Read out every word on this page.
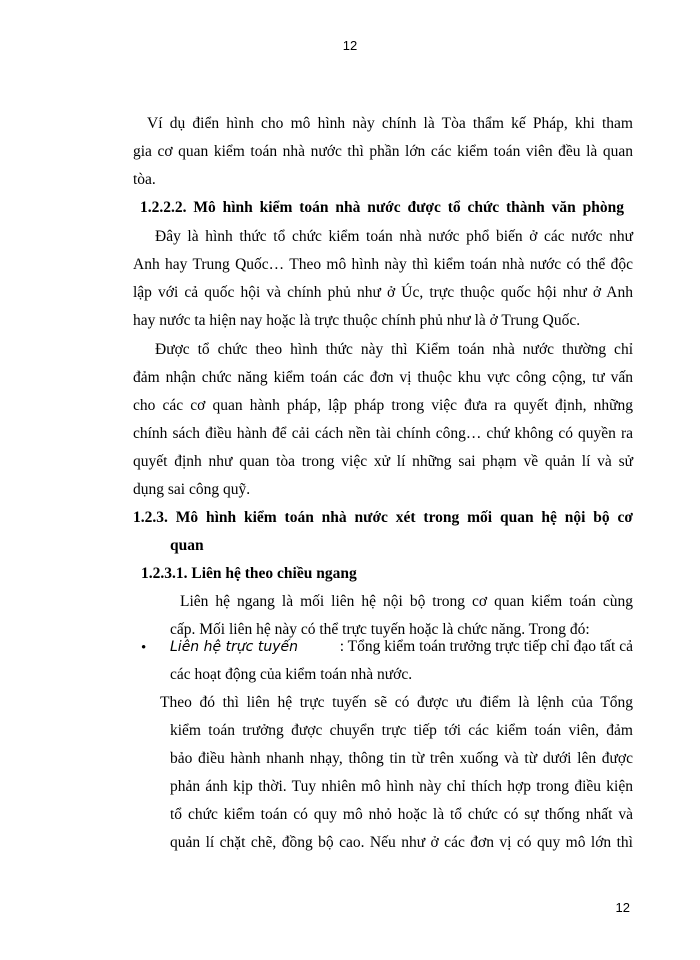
12
Ví dụ điển hình cho mô hình này chính là Tòa thẩm kế Pháp, khi tham
gia cơ quan kiểm toán nhà nước thì phần lớn các kiểm toán viên đều là quan
tòa.
1.2.2.2. Mô hình kiểm toán nhà nước được tổ chức thành văn phòng
Đây là hình thức tổ chức kiểm toán nhà nước phổ biến ở các nước như
Anh hay Trung Quốc… Theo mô hình này thì kiểm toán nhà nước có thể độc
lập với cả quốc hội và chính phủ như ở Úc, trực thuộc quốc hội như ở Anh
hay nước ta hiện nay hoặc là trực thuộc chính phủ như là ở Trung Quốc.
Được tổ chức theo hình thức này thì Kiểm toán nhà nước thường chỉ
đảm nhận chức năng kiểm toán các đơn vị thuộc khu vực công cộng, tư vấn
cho các cơ quan hành pháp, lập pháp trong việc đưa ra quyết định, những
chính sách điều hành để cải cách nền tài chính công… chứ không có quyền ra
quyết định như quan tòa trong việc xử lí những sai phạm về quản lí và sử
dụng sai công quỹ.
1.2.3. Mô hình kiểm toán nhà nước xét trong mối quan hệ nội bộ cơ
quan
1.2.3.1. Liên hệ theo chiều ngang
Liên hệ ngang là mối liên hệ nội bộ trong cơ quan kiểm toán cùng
cấp. Mối liên hệ này có thể trực tuyến hoặc là chức năng. Trong đó:
• Liên hệ trực tuyến	: Tổng kiểm toán trưởng trực tiếp chỉ đạo tất cả
các hoạt động của kiểm toán nhà nước.
Theo đó thì liên hệ trực tuyến sẽ có được ưu điểm là lệnh của Tổng
kiểm toán trưởng được chuyển trực tiếp tới các kiểm toán viên, đảm
bảo điều hành nhanh nhạy, thông tin từ trên xuống và từ dưới lên được
phản ánh kịp thời. Tuy nhiên mô hình này chỉ thích hợp trong điều kiện
tổ chức kiểm toán có quy mô nhỏ hoặc là tổ chức có sự thống nhất và
quản lí chặt chẽ, đồng bộ cao. Nếu như ở các đơn vị có quy mô lớn thì
12
